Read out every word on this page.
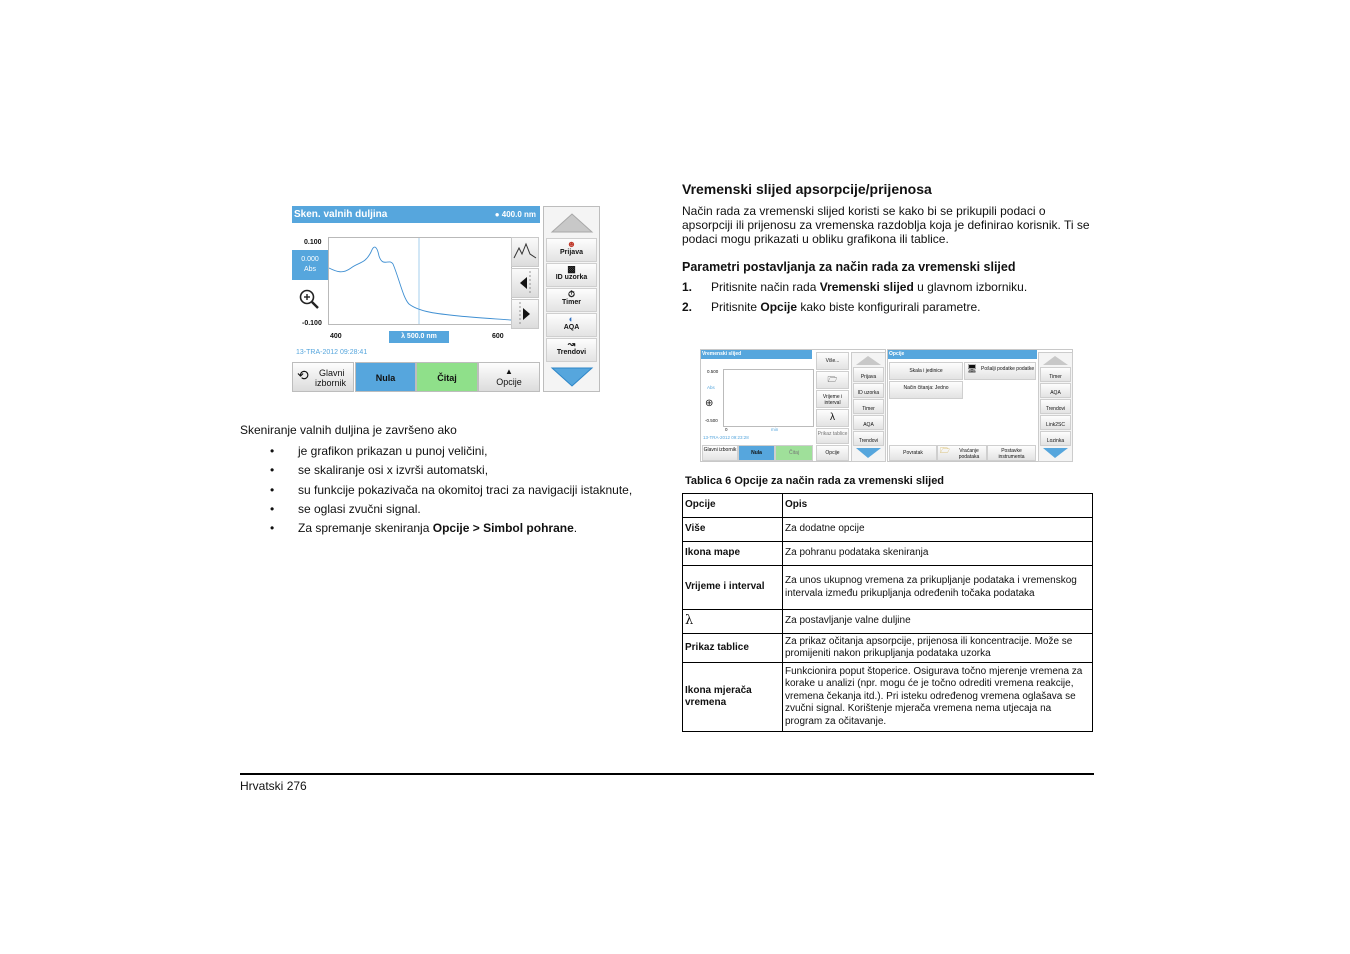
Sken. valnih duljina	● 400.0 nm
0.100
0.000
Abs
-0.100
400	λ 500.0 nm	600
13-TRA-2012 09:28:41
☻
Prijava
▩
ID uzorka
⏱
Timer
◐
AQA
↝
Trendovi
⟲ Glavni
izbornik	Nula	Čitaj
▲
Opcije
Skeniranje valnih duljina je završeno ako
• je grafikon prikazan u punoj veličini,
• se skaliranje osi x izvrši automatski,
• su funkcije pokazivača na okomitoj traci za navigaciji istaknute,
• se oglasi zvučni signal.
• Za spremanje skeniranja Opcije > Simbol pohrane.
Vremenski slijed apsorpcije/prijenosa
Način rada za vremenski slijed koristi se kako bi se prikupili podaci o apsorpciji ili prijenosu za vremenska razdoblja koja je definirao korisnik. Ti se podaci mogu prikazati u obliku grafikona ili tablice.
Parametri postavljanja za način rada za vremenski slijed
1. Pritisnite način rada Vremenski slijed u glavnom izborniku.
2. Pritisnite Opcije kako biste konfigurirali parametre.
Vremenski slijed
0.500
Abs
⊕
-0.500
0	min
13-TRA-2012 09:23:28
Više...
🗁
Vrijeme i interval
λ
Prikaz tablice
Glavni izbornik	Nula	Čitaj	Opcije
Prijava
ID uzorka
Timer
AQA
Trendovi
Opcije
Skala i jedinice
Način čitanja: Jedno
🖥 Pošalji podatke podatke
Povratak	🗁 Vraćanje podataka
Postavke instrumenta
Timer
AQA
Trendovi
Link2SC
Lozinka
Tablica 6 Opcije za način rada za vremenski slijed
Opcije	Opis
Više	Za dodatne opcije
Ikona mape	Za pohranu podataka skeniranja
Vrijeme i interval	Za unos ukupnog vremena za prikupljanje podataka i vremenskog intervala između prikupljanja određenih točaka podataka
λ	Za postavljanje valne duljine
Prikaz tablice	Za prikaz očitanja apsorpcije, prijenosa ili koncentracije. Može se promijeniti nakon prikupljanja podataka uzorka
Ikona mjerača vremena	Funkcionira poput štoperice. Osigurava točno mjerenje vremena za korake u analizi (npr. mogu će je točno odrediti vremena reakcije, vremena čekanja itd.). Pri isteku određenog vremena oglašava se zvučni signal. Korištenje mjerača vremena nema utjecaja na program za očitavanje.
Hrvatski 276
